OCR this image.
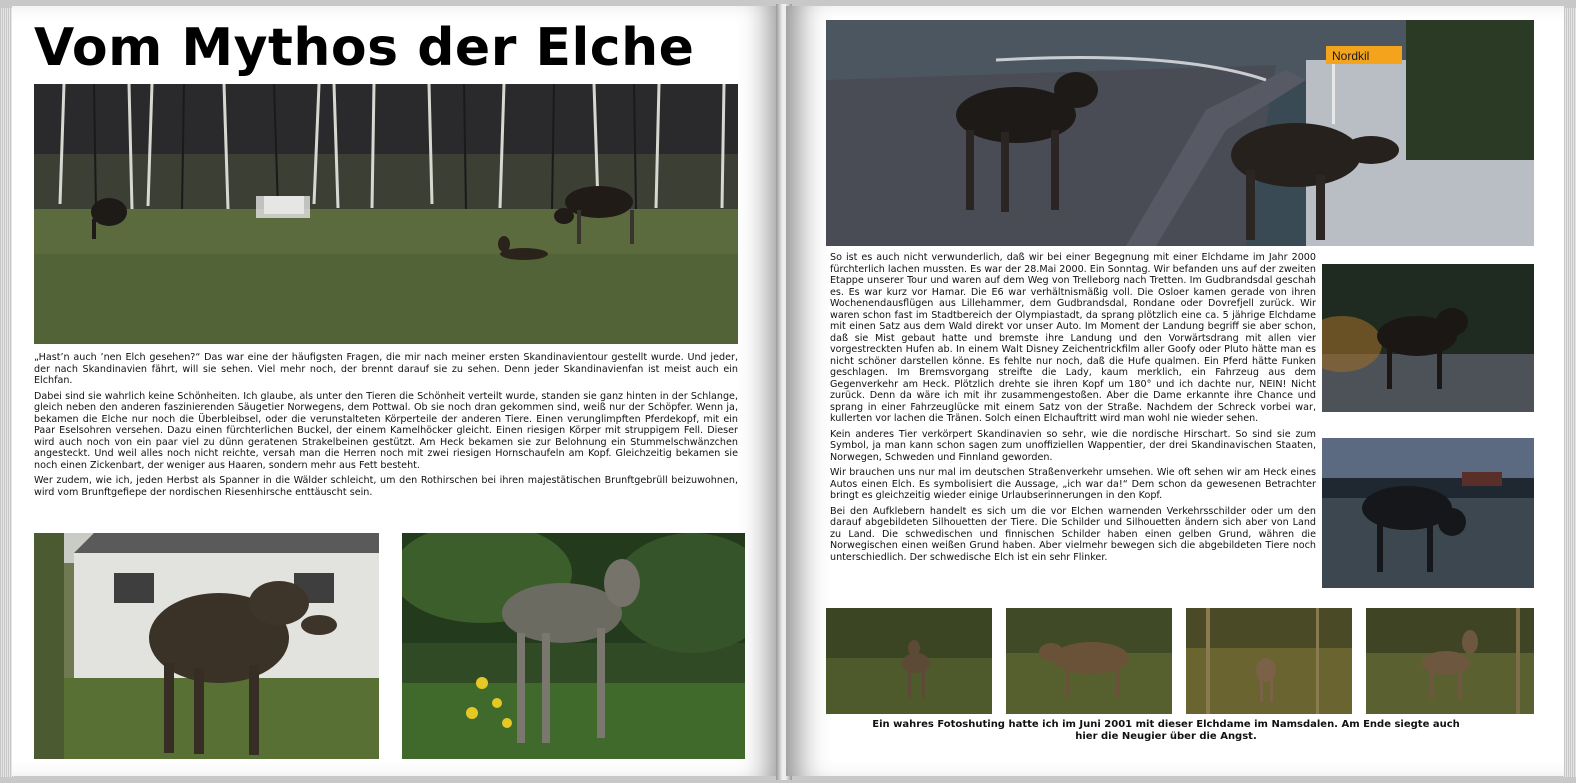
Vom Mythos der Elche

„Hast’n auch ’nen Elch gesehen?“ Das war eine der häufigsten Fragen, die mir nach meiner ersten Skandinavientour gestellt wurde. Und jeder, der nach Skandinavien fährt, will sie sehen. Viel mehr noch, der brennt darauf sie zu sehen. Denn jeder Skandinavienfan ist meist auch ein Elchfan.

Dabei sind sie wahrlich keine Schönheiten. Ich glaube, als unter den Tieren die Schönheit verteilt wurde, standen sie ganz hinten in der Schlange, gleich neben den anderen faszinierenden Säugetier Norwegens, dem Pottwal. Ob sie noch dran gekommen sind, weiß nur der Schöpfer. Wenn ja, bekamen die Elche nur noch die Überbleibsel, oder die verunstalteten Körperteile der anderen Tiere. Einen verunglimpften Pferdekopf, mit ein Paar Eselsohren versehen. Dazu einen fürchterlichen Buckel, der einem Kamelhöcker gleicht. Einen riesigen Körper mit struppigem Fell. Dieser wird auch noch von ein paar viel zu dünn geratenen Strakelbeinen gestützt. Am Heck bekamen sie zur Belohnung ein Stummelschwänzchen angesteckt. Und weil alles noch nicht reichte, versah man die Herren noch mit zwei riesigen Hornschaufeln am Kopf. Gleichzeitig bekamen sie noch einen Zickenbart, der weniger aus Haaren, sondern mehr aus Fett besteht.

Wer zudem, wie ich, jeden Herbst als Spanner in die Wälder schleicht, um den Rothirschen bei ihren majestätischen Brunftgebrüll beizuwohnen, wird vom Brunftgefiepe der nordischen Riesenhirsche enttäuscht sein.

Nordkil

So ist es auch nicht verwunderlich, daß wir bei einer Begegnung mit einer Elchdame im Jahr 2000 fürchterlich lachen mussten. Es war der 28.Mai 2000. Ein Sonntag. Wir befanden uns auf der zweiten Etappe unserer Tour und waren auf dem Weg von Trelleborg nach Tretten. Im Gudbrandsdal geschah es. Es war kurz vor Hamar. Die E6 war verhältnismäßig voll. Die Osloer kamen gerade von ihren Wochenendausflügen aus Lillehammer, dem Gudbrandsdal, Rondane oder Dovrefjell zurück. Wir waren schon fast im Stadtbereich der Olympiastadt, da sprang plötzlich eine ca. 5 jährige Elchdame mit einen Satz aus dem Wald direkt vor unser Auto. Im Moment der Landung begriff sie aber schon, daß sie Mist gebaut hatte und bremste ihre Landung und den Vorwärtsdrang mit allen vier vorgestreckten Hufen ab. In einem Walt Disney Zeichentrickfilm aller Goofy oder Pluto hätte man es nicht schöner darstellen könne. Es fehlte nur noch, daß die Hufe qualmen. Ein Pferd hätte Funken geschlagen. Im Bremsvorgang streifte die Lady, kaum merklich, ein Fahrzeug aus dem Gegenverkehr am Heck. Plötzlich drehte sie ihren Kopf um 180° und ich dachte nur, NEIN! Nicht zurück. Denn da wäre ich mit ihr zusammengestoßen. Aber die Dame erkannte ihre Chance und sprang in einer Fahrzeuglücke mit einem Satz von der Straße. Nachdem der Schreck vorbei war, kullerten vor lachen die Tränen. Solch einen Elchauftritt wird man wohl nie wieder sehen.

Kein anderes Tier verkörpert Skandinavien so sehr, wie die nordische Hirschart. So sind sie zum Symbol, ja man kann schon sagen zum unoffiziellen Wappentier, der drei Skandinavischen Staaten, Norwegen, Schweden und Finnland geworden.

Wir brauchen uns nur mal im deutschen Straßenverkehr umsehen. Wie oft sehen wir am Heck eines Autos einen Elch. Es symbolisiert die Aussage, „ich war da!“ Dem schon da gewesenen Betrachter bringt es gleichzeitig wieder einige Urlaubserinnerungen in den Kopf.

Bei den Aufklebern handelt es sich um die vor Elchen warnenden Verkehrsschilder oder um den darauf abgebildeten Silhouetten der Tiere. Die Schilder und Silhouetten ändern sich aber von Land zu Land. Die schwedischen und finnischen Schilder haben einen gelben Grund, währen die Norwegischen einen weißen Grund haben. Aber vielmehr bewegen sich die abgebildeten Tiere noch unterschiedlich. Der schwedische Elch ist ein sehr Flinker.

Ein wahres Fotoshuting hatte ich im Juni 2001 mit dieser Elchdame im Namsdalen. Am Ende siegte auch hier die Neugier über die Angst.
